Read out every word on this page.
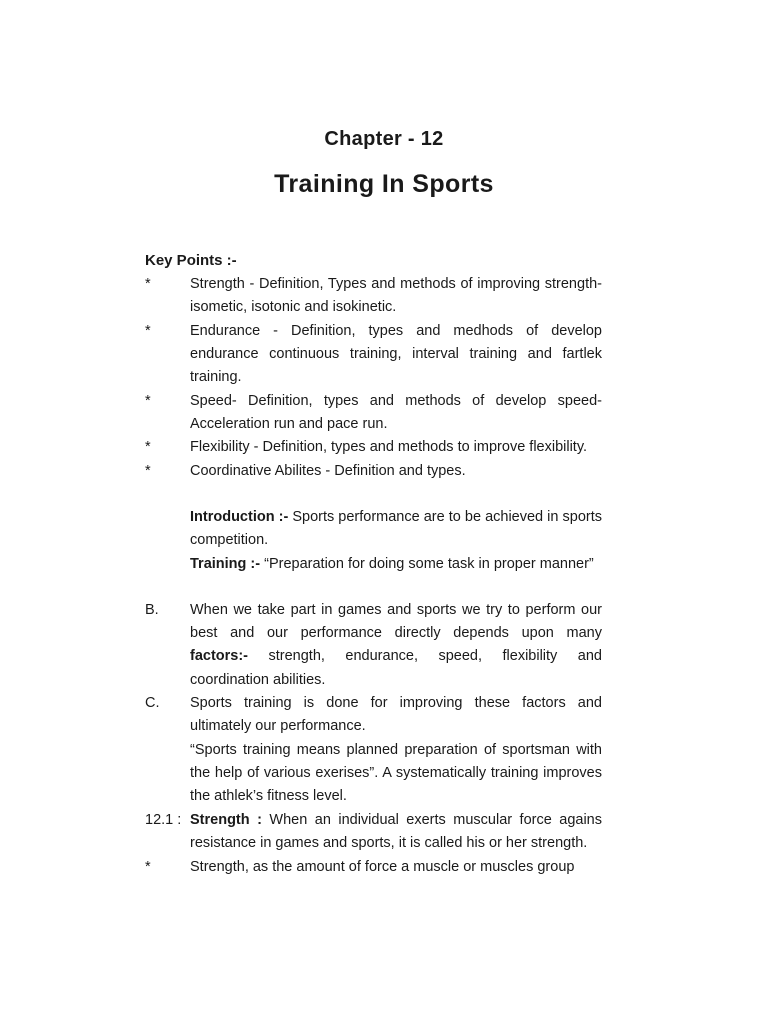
Chapter - 12
Training In Sports
Key Points :-
*	Strength - Definition, Types and methods of improving strength-isometic, isotonic and isokinetic.
*	Endurance - Definition, types and medhods of develop endurance continuous training, interval training and fartlek training.
*	Speed- Definition, types and methods of develop speed-Acceleration run and pace run.
*	Flexibility - Definition, types and methods to improve flexibility.
*	Coordinative Abilites - Definition and types.
Introduction :- Sports performance are to be achieved in sports competition.
Training :- “Preparation for doing some task in proper manner”
B.	When we take part in games and sports we try to perform our best and our performance directly depends upon many factors:- strength, endurance, speed, flexibility and coordination abilities.
C.	Sports training is done for improving these factors and ultimately our performance.
“Sports training means planned preparation of sportsman with the help of various exerises”. A systematically training improves the athlek’s fitness level.
12.1 : Strength : When an individual exerts muscular force agains resistance in games and sports, it is called his or her strength.
*	Strength, as the amount of force a muscle or muscles group
